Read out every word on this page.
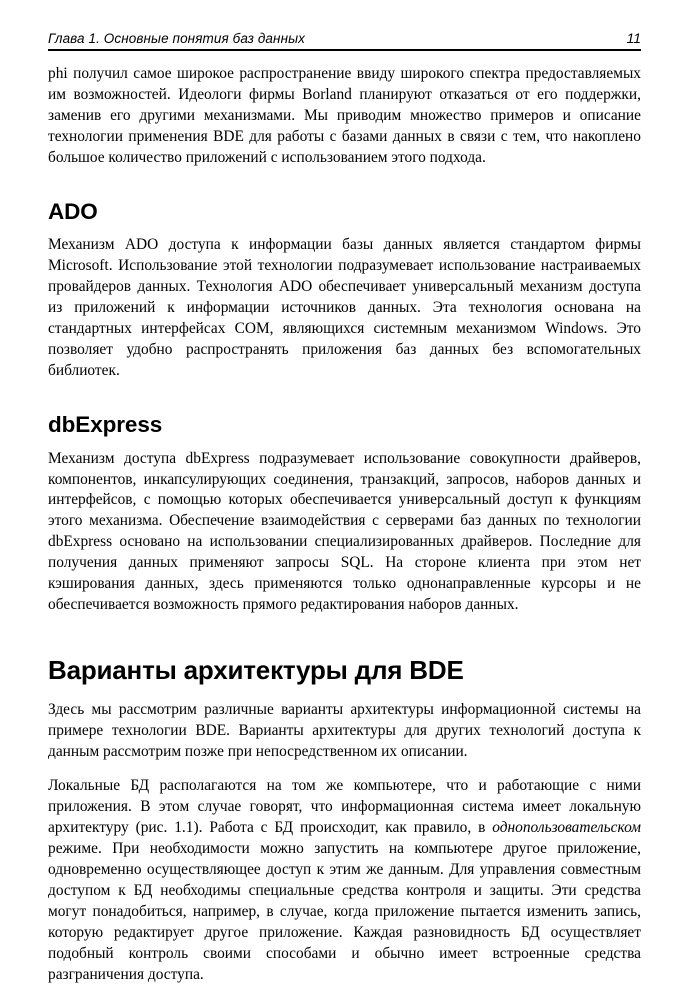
Глава 1. Основные понятия баз данных	11

phi получил самое широкое распространение ввиду широкого спектра предоставляемых им возможностей. Идеологи фирмы Borland планируют отказаться от его поддержки, заменив его другими механизмами. Мы приводим множество примеров и описание технологии применения BDE для работы с базами данных в связи с тем, что накоплено большое количество приложений с использованием этого подхода.

ADO

Механизм ADO доступа к информации базы данных является стандартом фирмы Microsoft. Использование этой технологии подразумевает использование настраиваемых провайдеров данных. Технология ADO обеспечивает универсальный механизм доступа из приложений к информации источников данных. Эта технология основана на стандартных интерфейсах COM, являющихся системным механизмом Windows. Это позволяет удобно распространять приложения баз данных без вспомогательных библиотек.

dbExpress

Механизм доступа dbExpress подразумевает использование совокупности драйверов, компонентов, инкапсулирующих соединения, транзакций, запросов, наборов данных и интерфейсов, с помощью которых обеспечивается универсальный доступ к функциям этого механизма. Обеспечение взаимодействия с серверами баз данных по технологии dbExpress основано на использовании специализированных драйверов. Последние для получения данных применяют запросы SQL. На стороне клиента при этом нет кэширования данных, здесь применяются только однонаправленные курсоры и не обеспечивается возможность прямого редактирования наборов данных.

Варианты архитектуры для BDE

Здесь мы рассмотрим различные варианты архитектуры информационной системы на примере технологии BDE. Варианты архитектуры для других технологий доступа к данным рассмотрим позже при непосредственном их описании.

Локальные БД располагаются на том же компьютере, что и работающие с ними приложения. В этом случае говорят, что информационная система имеет локальную архитектуру (рис. 1.1). Работа с БД происходит, как правило, в однопользовательском режиме. При необходимости можно запустить на компьютере другое приложение, одновременно осуществляющее доступ к этим же данным. Для управления совместным доступом к БД необходимы специальные средства контроля и защиты. Эти средства могут понадобиться, например, в случае, когда приложение пытается изменить запись, которую редактирует другое приложение. Каждая разновидность БД осуществляет подобный контроль своими способами и обычно имеет встроенные средства разграничения доступа.
